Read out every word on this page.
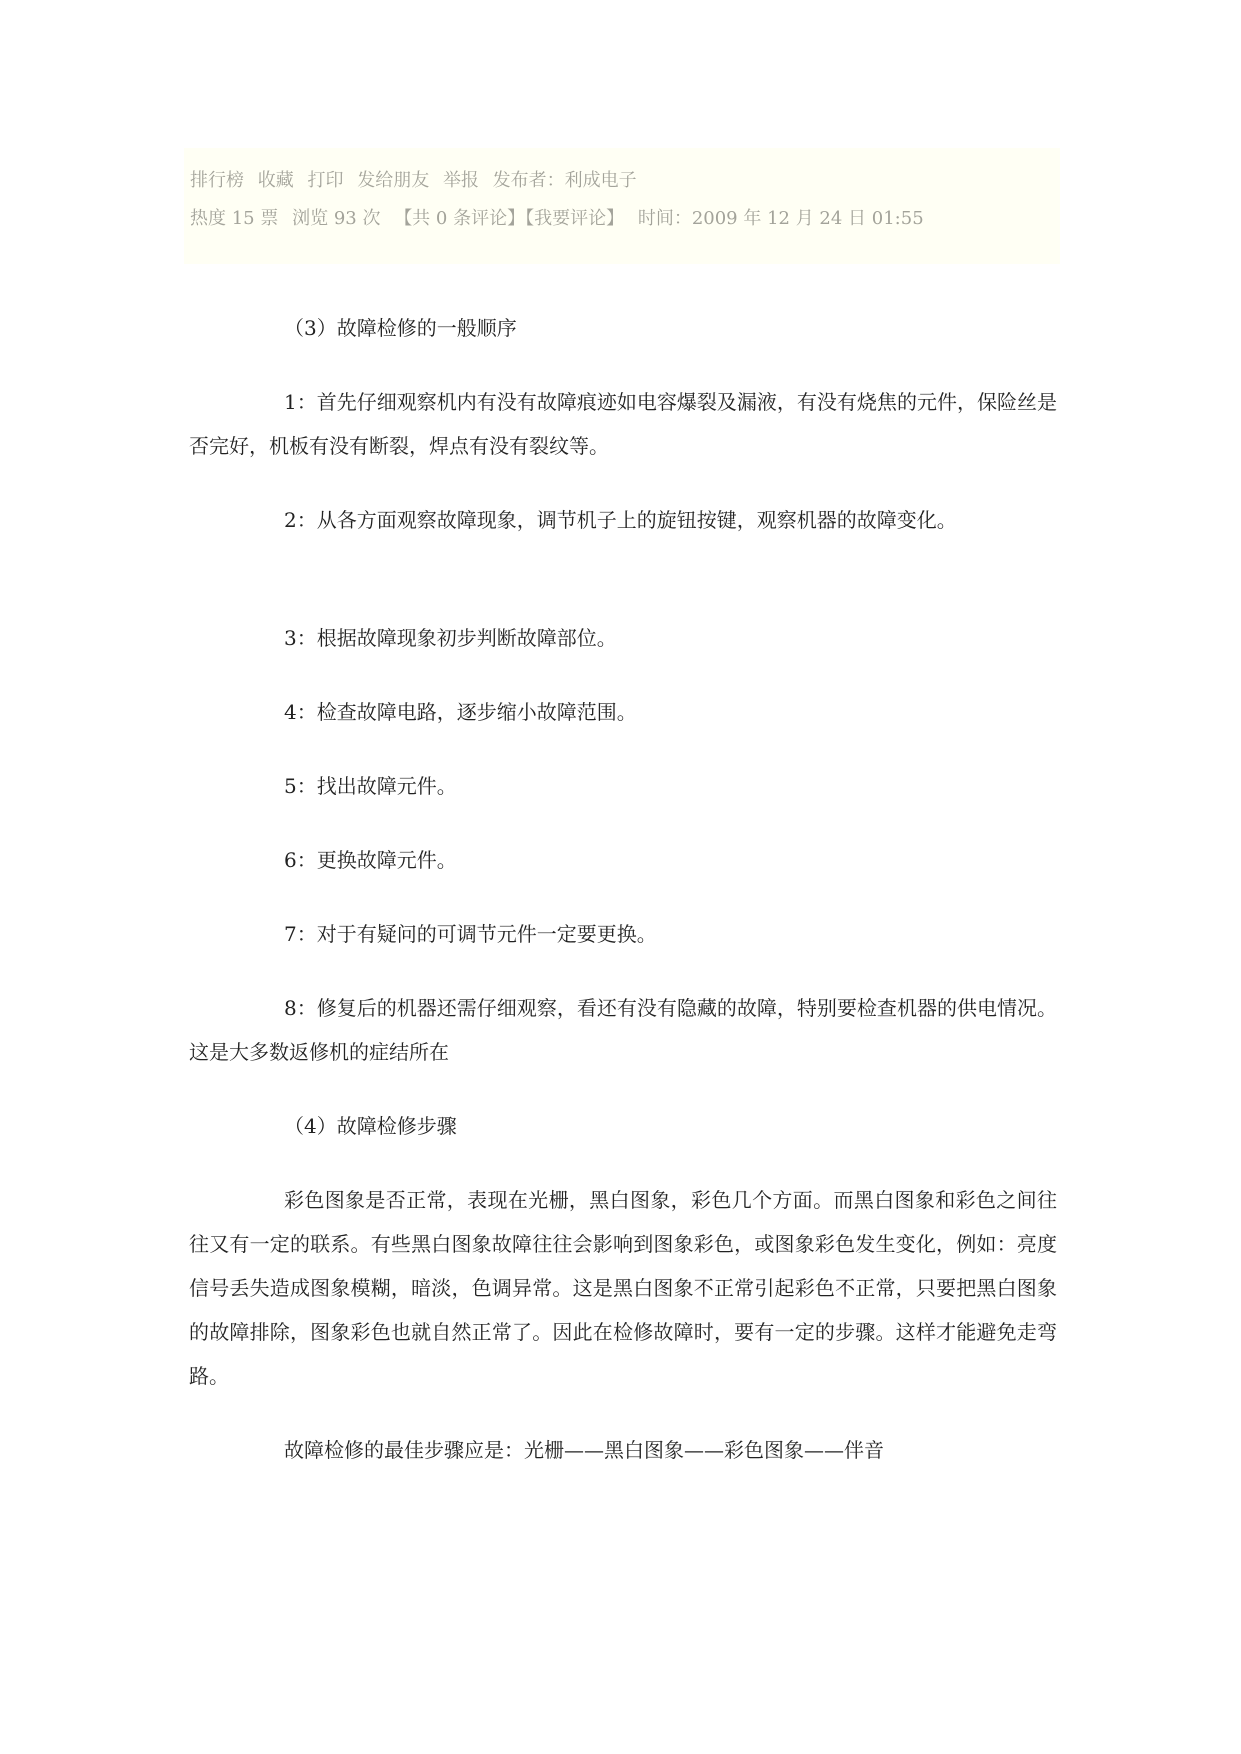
排行榜 收藏 打印 发给朋友 举报 发布者：利成电子
热度 15 票 浏览 93 次 【共 0 条评论】【我要评论】 时间：2009 年 12 月 24 日 01:55

（3）故障检修的一般顺序

1：首先仔细观察机内有没有故障痕迹如电容爆裂及漏液，有没有烧焦的元件，保险丝是否完好，机板有没有断裂，焊点有没有裂纹等。

2：从各方面观察故障现象，调节机子上的旋钮按键，观察机器的故障变化。

3：根据故障现象初步判断故障部位。

4：检查故障电路，逐步缩小故障范围。

5：找出故障元件。

6：更换故障元件。

7：对于有疑问的可调节元件一定要更换。

8：修复后的机器还需仔细观察，看还有没有隐藏的故障，特别要检查机器的供电情况。这是大多数返修机的症结所在

（4）故障检修步骤

彩色图象是否正常，表现在光栅，黑白图象，彩色几个方面。而黑白图象和彩色之间往往又有一定的联系。有些黑白图象故障往往会影响到图象彩色，或图象彩色发生变化，例如：亮度信号丢失造成图象模糊，暗淡，色调异常。这是黑白图象不正常引起彩色不正常，只要把黑白图象的故障排除，图象彩色也就自然正常了。因此在检修故障时，要有一定的步骤。这样才能避免走弯路。

故障检修的最佳步骤应是：光栅——黑白图象——彩色图象——伴音
